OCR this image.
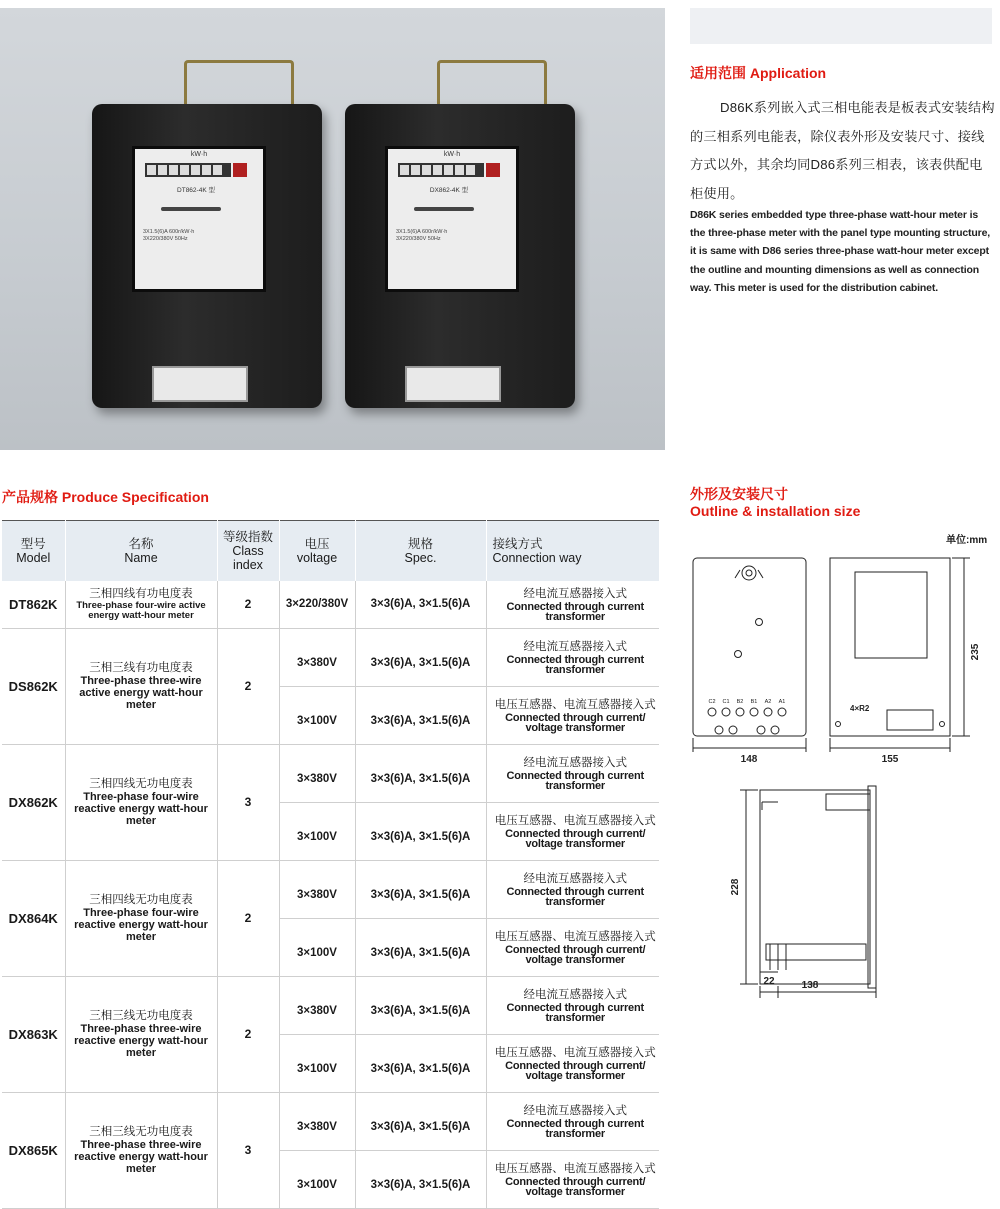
kW·h
DT862-4K 型
3X1.5(6)A 600r/kW·h
3X220/380V 50Hz
kW·h
DX862-4K 型
3X1.5(6)A 600r/kW·h
3X220/380V 50Hz
适用范围 Application
D86K系列嵌入式三相电能表是板表式安装结构的三相系列电能表，除仪表外形及安装尺寸、接线方式以外，其余均同D86系列三相表，该表供配电柜使用。
D86K series embedded type three-phase watt-hour meter is the three-phase meter with the panel type mounting structure, it is same with D86 series three-phase watt-hour meter except the outline and mounting dimensions as well as connection way. This meter is used for the distribution cabinet.
产品规格 Produce Specification
型号
Model	名称
Name	等级指数
Class
index	电压
voltage	规格
Spec.	接线方式
Connection way
DT862K	三相四线有功电度表
Three-phase four-wire active energy watt-hour meter	2	3×220/380V	3×3(6)A, 3×1.5(6)A	经电流互感器接入式
Connected through current transformer

DS862K	三相三线有功电度表
Three-phase three-wire active energy watt-hour meter	2	3×380V	3×3(6)A, 3×1.5(6)A	经电流互感器接入式
Connected through current transformer

			3×100V	3×3(6)A, 3×1.5(6)A	电压互感器、电流互感器接入式
Connected through current/ voltage transformer

DX862K	三相四线无功电度表
Three-phase four-wire reactive energy watt-hour meter	3	3×380V	3×3(6)A, 3×1.5(6)A	经电流互感器接入式
Connected through current transformer

			3×100V	3×3(6)A, 3×1.5(6)A	电压互感器、电流互感器接入式
Connected through current/ voltage transformer

DX864K	三相四线无功电度表
Three-phase four-wire reactive energy watt-hour meter	2	3×380V	3×3(6)A, 3×1.5(6)A	经电流互感器接入式
Connected through current transformer

			3×100V	3×3(6)A, 3×1.5(6)A	电压互感器、电流互感器接入式
Connected through current/ voltage transformer

DX863K	三相三线无功电度表
Three-phase three-wire reactive energy watt-hour meter	2	3×380V	3×3(6)A, 3×1.5(6)A	经电流互感器接入式
Connected through current transformer

			3×100V	3×3(6)A, 3×1.5(6)A	电压互感器、电流互感器接入式
Connected through current/ voltage transformer

DX865K	三相三线无功电度表
Three-phase three-wire reactive energy watt-hour meter	3	3×380V	3×3(6)A, 3×1.5(6)A	经电流互感器接入式
Connected through current transformer

			3×100V	3×3(6)A, 3×1.5(6)A	电压互感器、电流互感器接入式
Connected through current/ voltage transformer
外形及安装尺寸
Outline & installation size
单位:mm
148	155
235
228
22	138
4×R2
C2 C1 B2 B1 A2 A1
